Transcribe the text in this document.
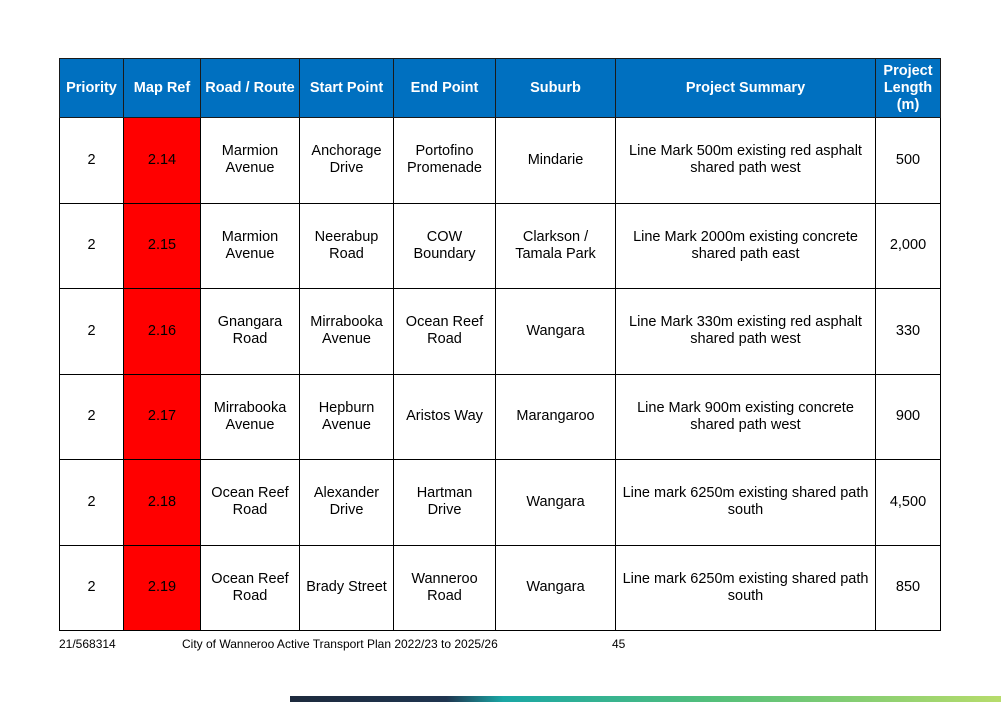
Priority	Map Ref	Road / Route	Start Point	End Point	Suburb	Project Summary	Project Length (m)
2	2.14	Marmion Avenue	Anchorage Drive	Portofino Promenade	Mindarie	Line Mark 500m existing red asphalt shared path west	500
2	2.15	Marmion Avenue	Neerabup Road	COW Boundary	Clarkson / Tamala Park	Line Mark 2000m existing concrete shared path east	2,000
2	2.16	Gnangara Road	Mirrabooka Avenue	Ocean Reef Road	Wangara	Line Mark 330m existing red asphalt shared path west	330
2	2.17	Mirrabooka Avenue	Hepburn Avenue	Aristos Way	Marangaroo	Line Mark 900m existing concrete shared path west	900
2	2.18	Ocean Reef Road	Alexander Drive	Hartman Drive	Wangara	Line mark 6250m existing shared path south	4,500
2	2.19	Ocean Reef Road	Brady Street	Wanneroo Road	Wangara	Line mark 6250m existing shared path south	850
21/568314	City of Wanneroo Active Transport Plan 2022/23 to 2025/26	45
